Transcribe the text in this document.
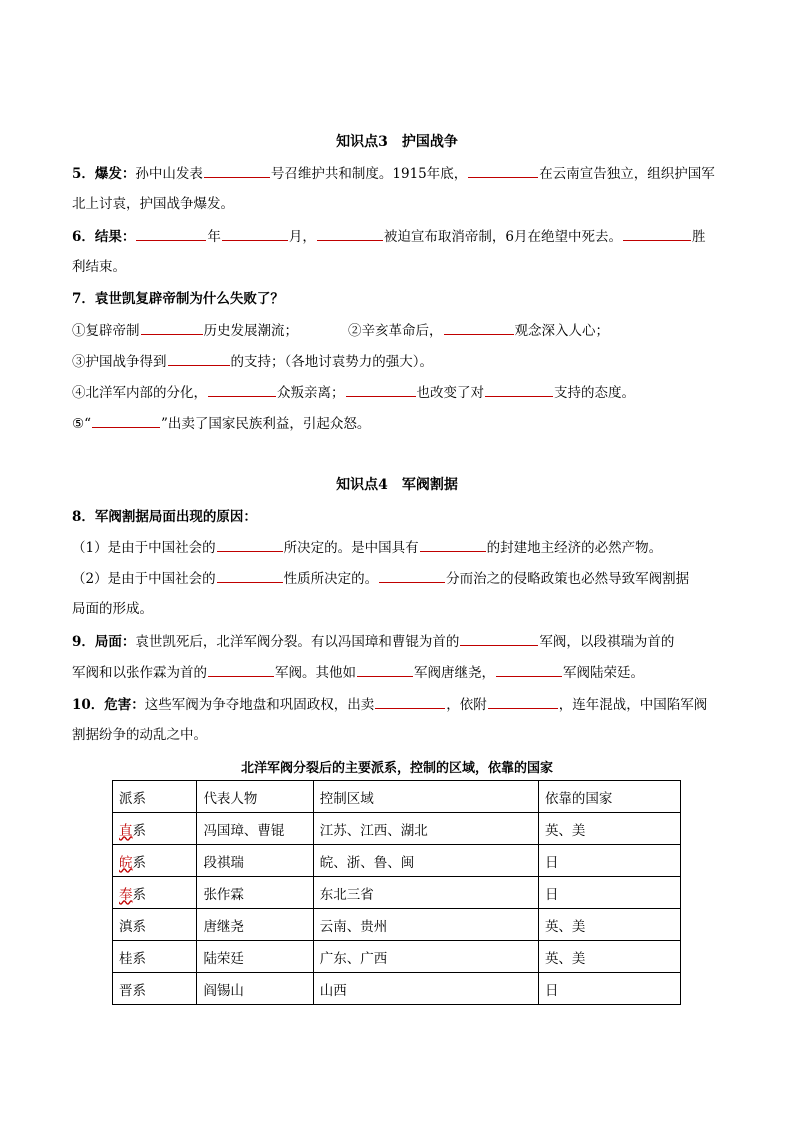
知识点3　护国战争
5．爆发：孙中山发表	号召维护共和制度。1915年底，	在云南宣告独立，组织护国军
北上讨袁，护国战争爆发。
6．结果：	年	月，	被迫宣布取消帝制，6月在绝望中死去。	胜
利结束。
7．袁世凯复辟帝制为什么失败了？
①复辟帝制	历史发展潮流；	②辛亥革命后，	观念深入人心；
③护国战争得到	的支持；（各地讨袁势力的强大）。
④北洋军内部的分化，	众叛亲离；	也改变了对	支持的态度。
⑤“	”出卖了国家民族利益，引起众怒。
知识点4　军阀割据
8．军阀割据局面出现的原因：
（1）是由于中国社会的	所决定的。是中国具有	的封建地主经济的必然产物。
（2）是由于中国社会的	性质所决定的。	分而治之的侵略政策也必然导致军阀割据
局面的形成。
9．局面：袁世凯死后，北洋军阀分裂。有以冯国璋和曹锟为首的	军阀，以段祺瑞为首的
军阀和以张作霖为首的	军阀。其他如	军阀唐继尧，	军阀陆荣廷。
10．危害：这些军阀为争夺地盘和巩固政权，出卖	，依附	，连年混战，中国陷军阀
割据纷争的动乱之中。
北洋军阀分裂后的主要派系，控制的区域，依靠的国家
派系	代表人物	控制区域	依靠的国家
直系	冯国璋、曹锟	江苏、江西、湖北	英、美
皖系	段祺瑞	皖、浙、鲁、闽	日
奉系	张作霖	东北三省	日
滇系	唐继尧	云南、贵州	英、美
桂系	陆荣廷	广东、广西	英、美
晋系	阎锡山	山西	日
